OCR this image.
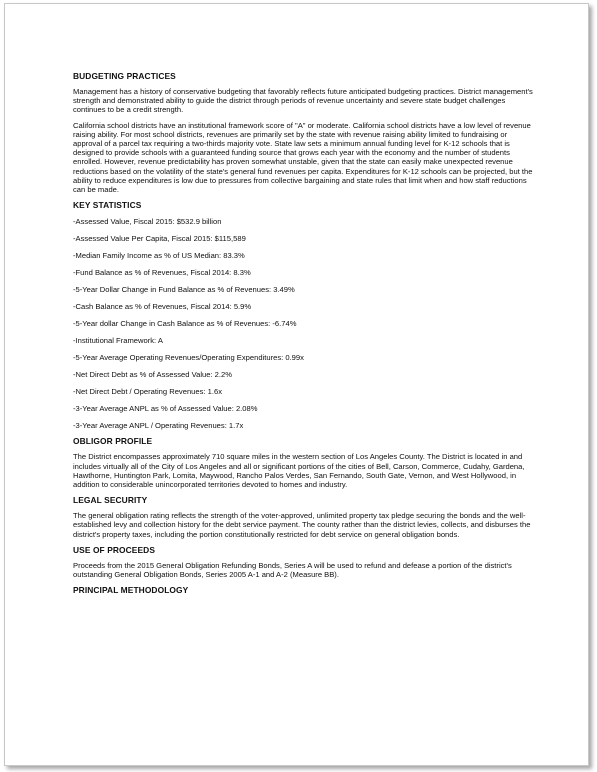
BUDGETING PRACTICES

Management has a history of conservative budgeting that favorably reflects future anticipated budgeting practices. District management's strength and demonstrated ability to guide the district through periods of revenue uncertainty and severe state budget challenges continues to be a credit strength.

California school districts have an institutional framework score of "A" or moderate. California school districts have a low level of revenue raising ability. For most school districts, revenues are primarily set by the state with revenue raising ability limited to fundraising or approval of a parcel tax requiring a two-thirds majority vote. State law sets a minimum annual funding level for K-12 schools that is designed to provide schools with a guaranteed funding source that grows each year with the economy and the number of students enrolled. However, revenue predictability has proven somewhat unstable, given that the state can easily make unexpected revenue reductions based on the volatility of the state's general fund revenues per capita. Expenditures for K-12 schools can be projected, but the ability to reduce expenditures is low due to pressures from collective bargaining and state rules that limit when and how staff reductions can be made.

KEY STATISTICS

-Assessed Value, Fiscal 2015: $532.9 billion

-Assessed Value Per Capita, Fiscal 2015: $115,589

-Median Family Income as % of US Median: 83.3%

-Fund Balance as % of Revenues, Fiscal 2014: 8.3%

-5-Year Dollar Change in Fund Balance as % of Revenues: 3.49%

-Cash Balance as % of Revenues, Fiscal 2014: 5.9%

-5-Year dollar Change in Cash Balance as % of Revenues: -6.74%

-Institutional Framework: A

-5-Year Average Operating Revenues/Operating Expenditures: 0.99x

-Net Direct Debt as % of Assessed Value: 2.2%

-Net Direct Debt / Operating Revenues: 1.6x

-3-Year Average ANPL as % of Assessed Value: 2.08%

-3-Year Average ANPL / Operating Revenues: 1.7x

OBLIGOR PROFILE

The District encompasses approximately 710 square miles in the western section of Los Angeles County. The District is located in and includes virtually all of the City of Los Angeles and all or significant portions of the cities of Bell, Carson, Commerce, Cudahy, Gardena, Hawthorne, Huntington Park, Lomita, Maywood, Rancho Palos Verdes, San Fernando, South Gate, Vernon, and West Hollywood, in addition to considerable unincorporated territories devoted to homes and industry.

LEGAL SECURITY

The general obligation rating reflects the strength of the voter-approved, unlimited property tax pledge securing the bonds and the well-established levy and collection history for the debt service payment. The county rather than the district levies, collects, and disburses the district's property taxes, including the portion constitutionally restricted for debt service on general obligation bonds.

USE OF PROCEEDS

Proceeds from the 2015 General Obligation Refunding Bonds, Series A will be used to refund and defease a portion of the district's outstanding General Obligation Bonds, Series 2005 A-1 and A-2 (Measure BB).

PRINCIPAL METHODOLOGY
